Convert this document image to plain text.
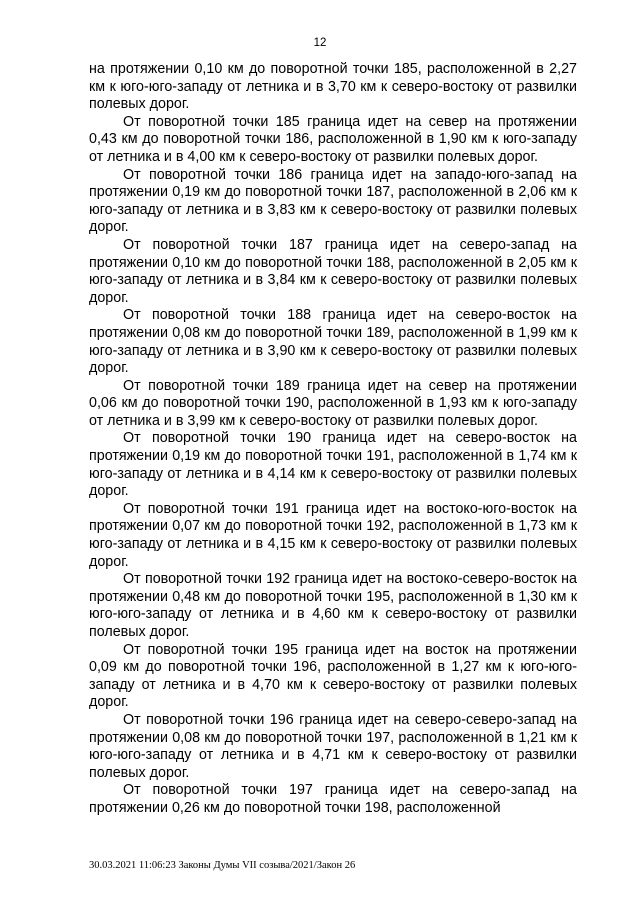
12

на протяжении 0,10 км до поворотной точки 185, расположенной в 2,27 км к юго-юго-западу от летника и в 3,70 км к северо-востоку от развилки полевых дорог.

От поворотной точки 185 граница идет на север на протяжении 0,43 км до поворотной точки 186, расположенной в 1,90 км к юго-западу от летника и в 4,00 км к северо-востоку от развилки полевых дорог.

От поворотной точки 186 граница идет на западо-юго-запад на протяжении 0,19 км до поворотной точки 187, расположенной в 2,06 км к юго-западу от летника и в 3,83 км к северо-востоку от развилки полевых дорог.

От поворотной точки 187 граница идет на северо-запад на протяжении 0,10 км до поворотной точки 188, расположенной в 2,05 км к юго-западу от летника и в 3,84 км к северо-востоку от развилки полевых дорог.

От поворотной точки 188 граница идет на северо-восток на протяжении 0,08 км до поворотной точки 189, расположенной в 1,99 км к юго-западу от летника и в 3,90 км к северо-востоку от развилки полевых дорог.

От поворотной точки 189 граница идет на север на протяжении 0,06 км до поворотной точки 190, расположенной в 1,93 км к юго-западу от летника и в 3,99 км к северо-востоку от развилки полевых дорог.

От поворотной точки 190 граница идет на северо-восток на протяжении 0,19 км до поворотной точки 191, расположенной в 1,74 км к юго-западу от летника и в 4,14 км к северо-востоку от развилки полевых дорог.

От поворотной точки 191 граница идет на востоко-юго-восток на протяжении 0,07 км до поворотной точки 192, расположенной в 1,73 км к юго-западу от летника и в 4,15 км к северо-востоку от развилки полевых дорог.

От поворотной точки 192 граница идет на востоко-северо-восток на протяжении 0,48 км до поворотной точки 195, расположенной в 1,30 км к юго-юго-западу от летника и в 4,60 км к северо-востоку от развилки полевых дорог.

От поворотной точки 195 граница идет на восток на протяжении 0,09 км до поворотной точки 196, расположенной в 1,27 км к юго-юго-западу от летника и в 4,70 км к северо-востоку от развилки полевых дорог.

От поворотной точки 196 граница идет на северо-северо-запад на протяжении 0,08 км до поворотной точки 197, расположенной в 1,21 км к юго-юго-западу от летника и в 4,71 км к северо-востоку от развилки полевых дорог.

От поворотной точки 197 граница идет на северо-запад на протяжении 0,26 км до поворотной точки 198, расположенной

30.03.2021 11:06:23 Законы Думы VII созыва/2021/Закон 26
